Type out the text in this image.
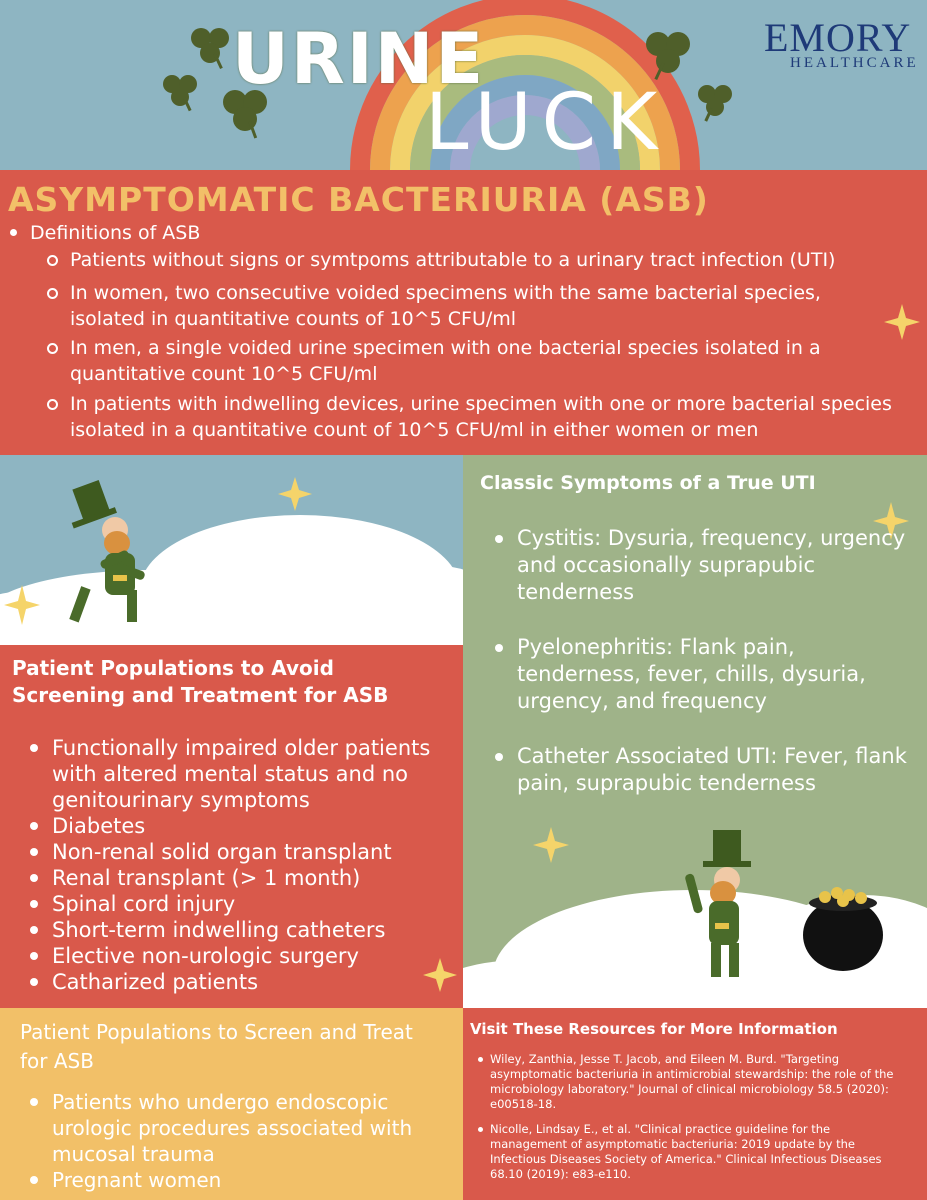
URINE
LUCK
EMORY
HEALTHCARE
ASYMPTOMATIC BACTERIURIA (ASB)
Definitions of ASB
Patients without signs or symtpoms attributable to a urinary tract infection (UTI)
In women, two consecutive voided specimens with the same bacterial species, isolated in quantitative counts of 10^5 CFU/ml
In men, a single voided urine specimen with one bacterial species isolated in a quantitative count 10^5 CFU/ml
In patients with indwelling devices, urine specimen with one or more bacterial species isolated in a quantitative count of 10^5 CFU/ml in either women or men
Patient Populations to Avoid Screening and Treatment for ASB
Functionally impaired older patients with altered mental status and no genitourinary symptoms
Diabetes
Non-renal solid organ transplant
Renal transplant (> 1 month)
Spinal cord injury
Short-term indwelling catheters
Elective non-urologic surgery
Catharized patients
Classic Symptoms of a True UTI
Cystitis: Dysuria, frequency, urgency and occasionally suprapubic tenderness
Pyelonephritis: Flank pain, tenderness, fever, chills, dysuria, urgency, and frequency
Catheter Associated UTI: Fever, flank pain, suprapubic tenderness
Patient Populations to Screen and Treat for ASB
Patients who undergo endoscopic urologic procedures associated with mucosal trauma
Pregnant women
Visit These Resources for More Information
Wiley, Zanthia, Jesse T. Jacob, and Eileen M. Burd. "Targeting asymptomatic bacteriuria in antimicrobial stewardship: the role of the microbiology laboratory." Journal of clinical microbiology 58.5 (2020): e00518-18.
Nicolle, Lindsay E., et al. "Clinical practice guideline for the management of asymptomatic bacteriuria: 2019 update by the Infectious Diseases Society of America." Clinical Infectious Diseases 68.10 (2019): e83-e110.
